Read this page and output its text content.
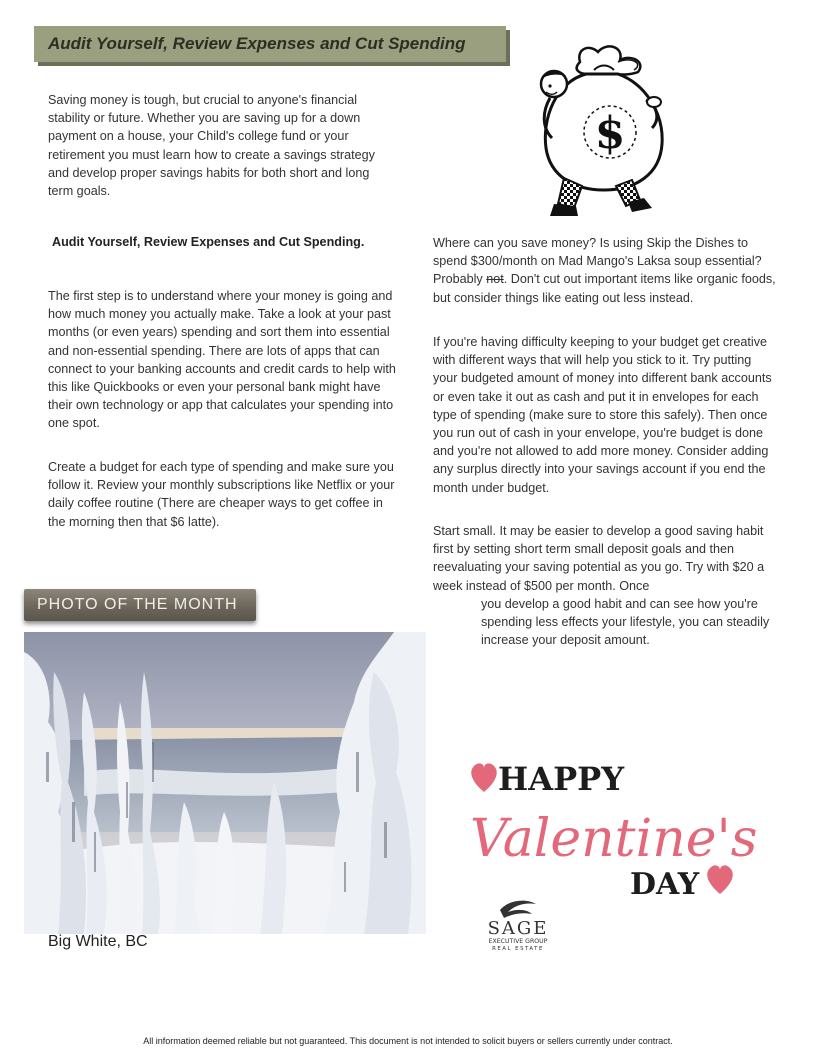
Audit Yourself, Review Expenses and Cut Spending

Saving money is tough, but crucial to anyone's financial stability or future. Whether you are saving up for a down payment on a house, your Child's college fund or your retirement you must learn how to create a savings strategy and develop proper savings habits for both short and long term goals.

$
Audit Yourself, Review Expenses and Cut Spending.

The first step is to understand where your money is going and how much money you actually make. Take a look at your past months (or even years) spending and sort them into essential and non-essential spending. There are lots of apps that can connect to your banking accounts and credit cards to help with this like Quickbooks or even your personal bank might have their own technology or app that calculates your spending into one spot.

Create a budget for each type of spending and make sure you follow it. Review your monthly subscriptions like Netflix or your daily coffee routine (There are cheaper ways to get coffee in the morning then that $6 latte).

Where can you save money? Is using Skip the Dishes to spend $300/month on Mad Mango's Laksa soup essential? Probably not. Don't cut out important items like organic foods, but consider things like eating out less instead.

If you're having difficulty keeping to your budget get creative with different ways that will help you stick to it. Try putting your budgeted amount of money into different bank accounts or even take it out as cash and put it in envelopes for each type of spending (make sure to store this safely). Then once you run out of cash in your envelope, you're budget is done and you're not allowed to add more money. Consider adding any surplus directly into your savings account if you end the month under budget.

Start small. It may be easier to develop a good saving habit first by setting short term small deposit goals and then reevaluating your saving potential as you go. Try with $20 a week instead of $500 per month. Once

you develop a good habit and can see how you're spending less effects your lifestyle, you can steadily increase your deposit amount.

PHOTO OF THE MONTH
Big White, BC
HAPPY
Valentine's
DAY
SAGE
EXECUTIVE GROUP
REAL ESTATE
All information deemed reliable but not guaranteed. This document is not intended to solicit buyers or sellers currently under contract.
